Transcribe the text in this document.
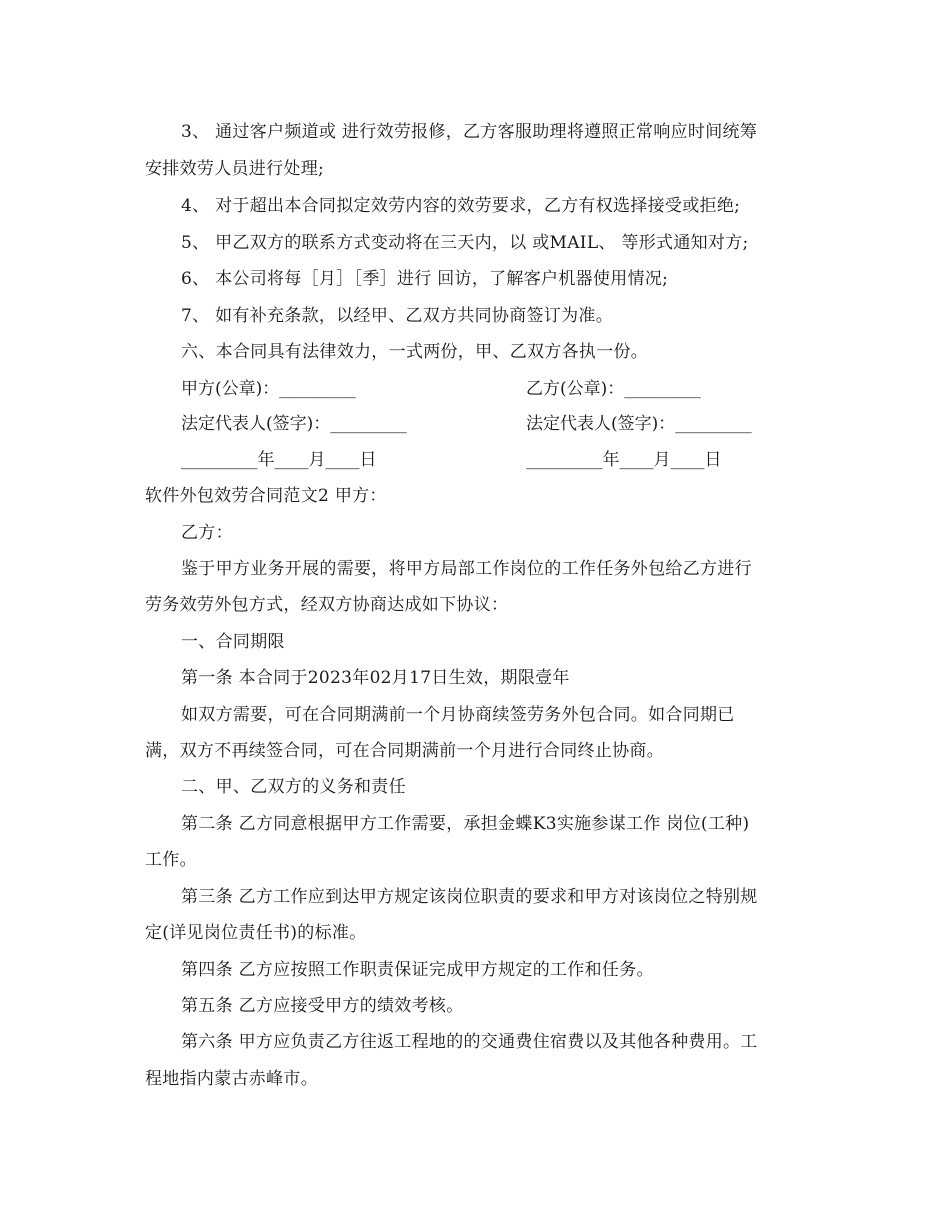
3、 通过客户频道或 进行效劳报修，乙方客服助理将遵照正常响应时间统筹
安排效劳人员进行处理;
4、 对于超出本合同拟定效劳内容的效劳要求，乙方有权选择接受或拒绝;
5、 甲乙双方的联系方式变动将在三天内，以 或MAIL、 等形式通知对方;
6、 本公司将每［月］［季］进行 回访，了解客户机器使用情况;
7、 如有补充条款，以经甲、乙双方共同协商签订为准。
六、本合同具有法律效力，一式两份，甲、乙双方各执一份。
甲方(公章)：_________	乙方(公章)：_________
法定代表人(签字)：_________	法定代表人(签字)：_________
_________年____月____日	_________年____月____日
软件外包效劳合同范文2 甲方：
乙方：
鉴于甲方业务开展的需要，将甲方局部工作岗位的工作任务外包给乙方进行
劳务效劳外包方式，经双方协商达成如下协议：
一、合同期限
第一条 本合同于2023年02月17日生效，期限壹年
如双方需要，可在合同期满前一个月协商续签劳务外包合同。如合同期已
满，双方不再续签合同，可在合同期满前一个月进行合同终止协商。
二、甲、乙双方的义务和责任
第二条 乙方同意根据甲方工作需要，承担金蝶K3实施参谋工作 岗位(工种)
工作。
第三条 乙方工作应到达甲方规定该岗位职责的要求和甲方对该岗位之特别规
定(详见岗位责任书)的标准。
第四条 乙方应按照工作职责保证完成甲方规定的工作和任务。
第五条 乙方应接受甲方的绩效考核。
第六条 甲方应负责乙方往返工程地的的交通费住宿费以及其他各种费用。工
程地指内蒙古赤峰市。
